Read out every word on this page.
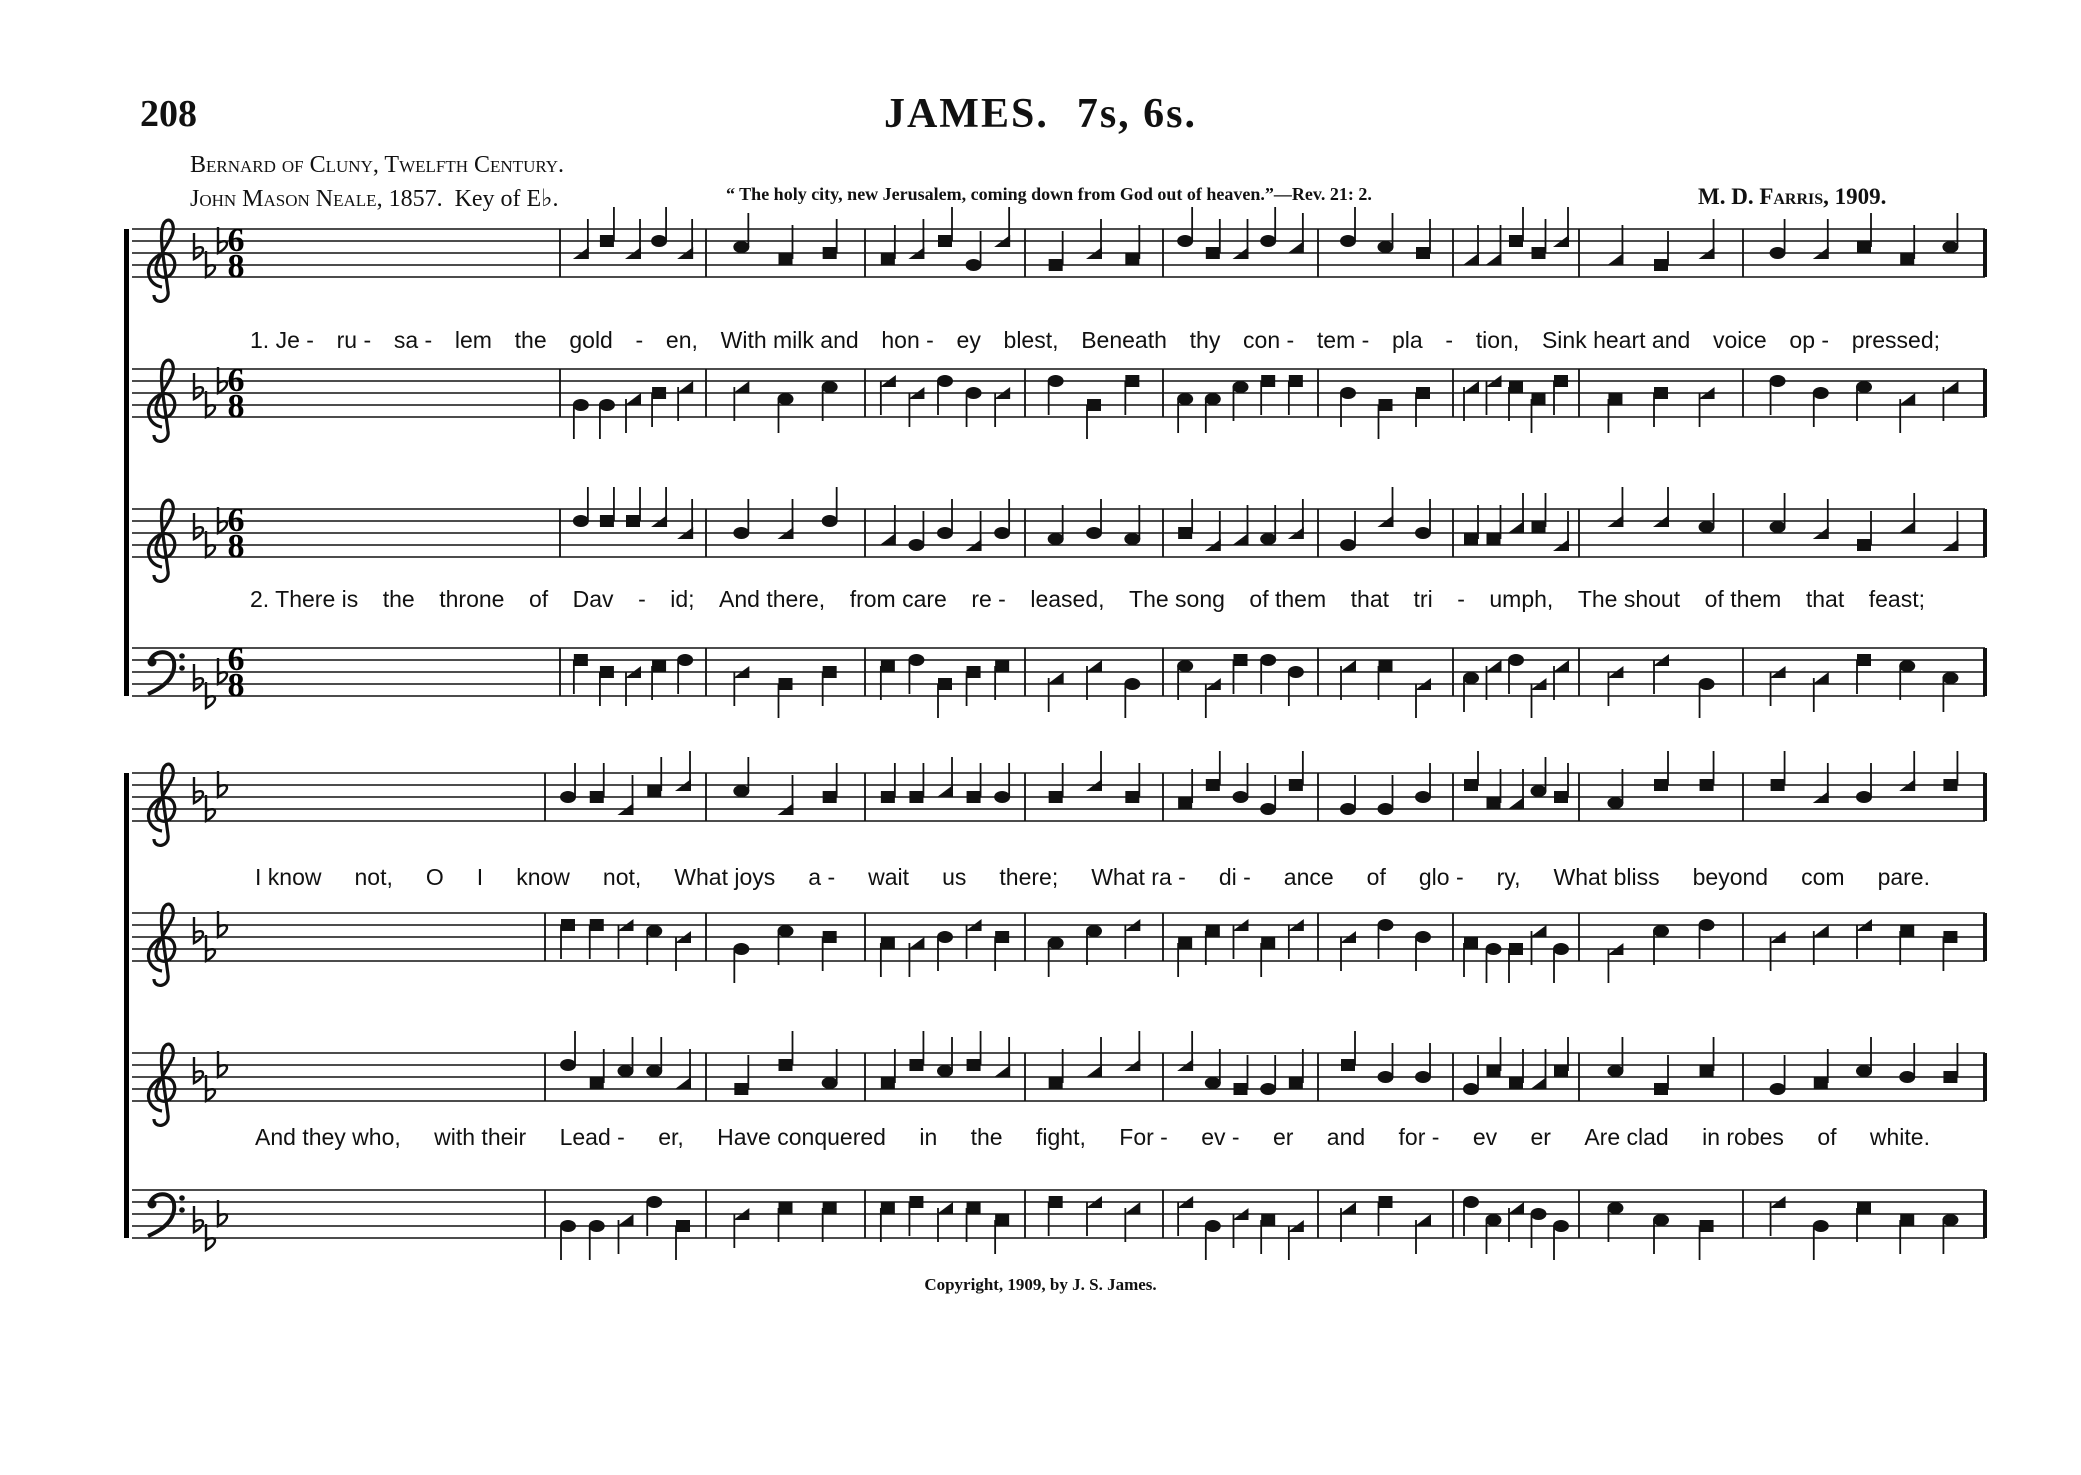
6
8
6
8
6
8
6
8
1. Je - ru - sa - lem the gold - en, With milk and hon - ey blest, Beneath thy con - tem - pla - tion, Sink heart and voice op - pressed;
2. There is the throne of Dav - id; And there, from care re - leased, The song of them that tri - umph, The shout of them that feast;
I know not, O I know not, What joys a - wait us there; What ra - di - ance of glo - ry, What bliss beyond com pare.
And they who, with their Lead - er, Have conquered in the fight, For - ev - er and for - ev er Are clad in robes of white.
208	JAMES. 7s, 6s.
Bernard of Cluny, Twelfth Century.
John Mason Neale, 1857. Key of E♭.	“ The holy city, new Jerusalem, coming down from God out of heaven.”—Rev. 21: 2.	M. D. Farris, 1909.
Copyright, 1909, by J. S. James.
